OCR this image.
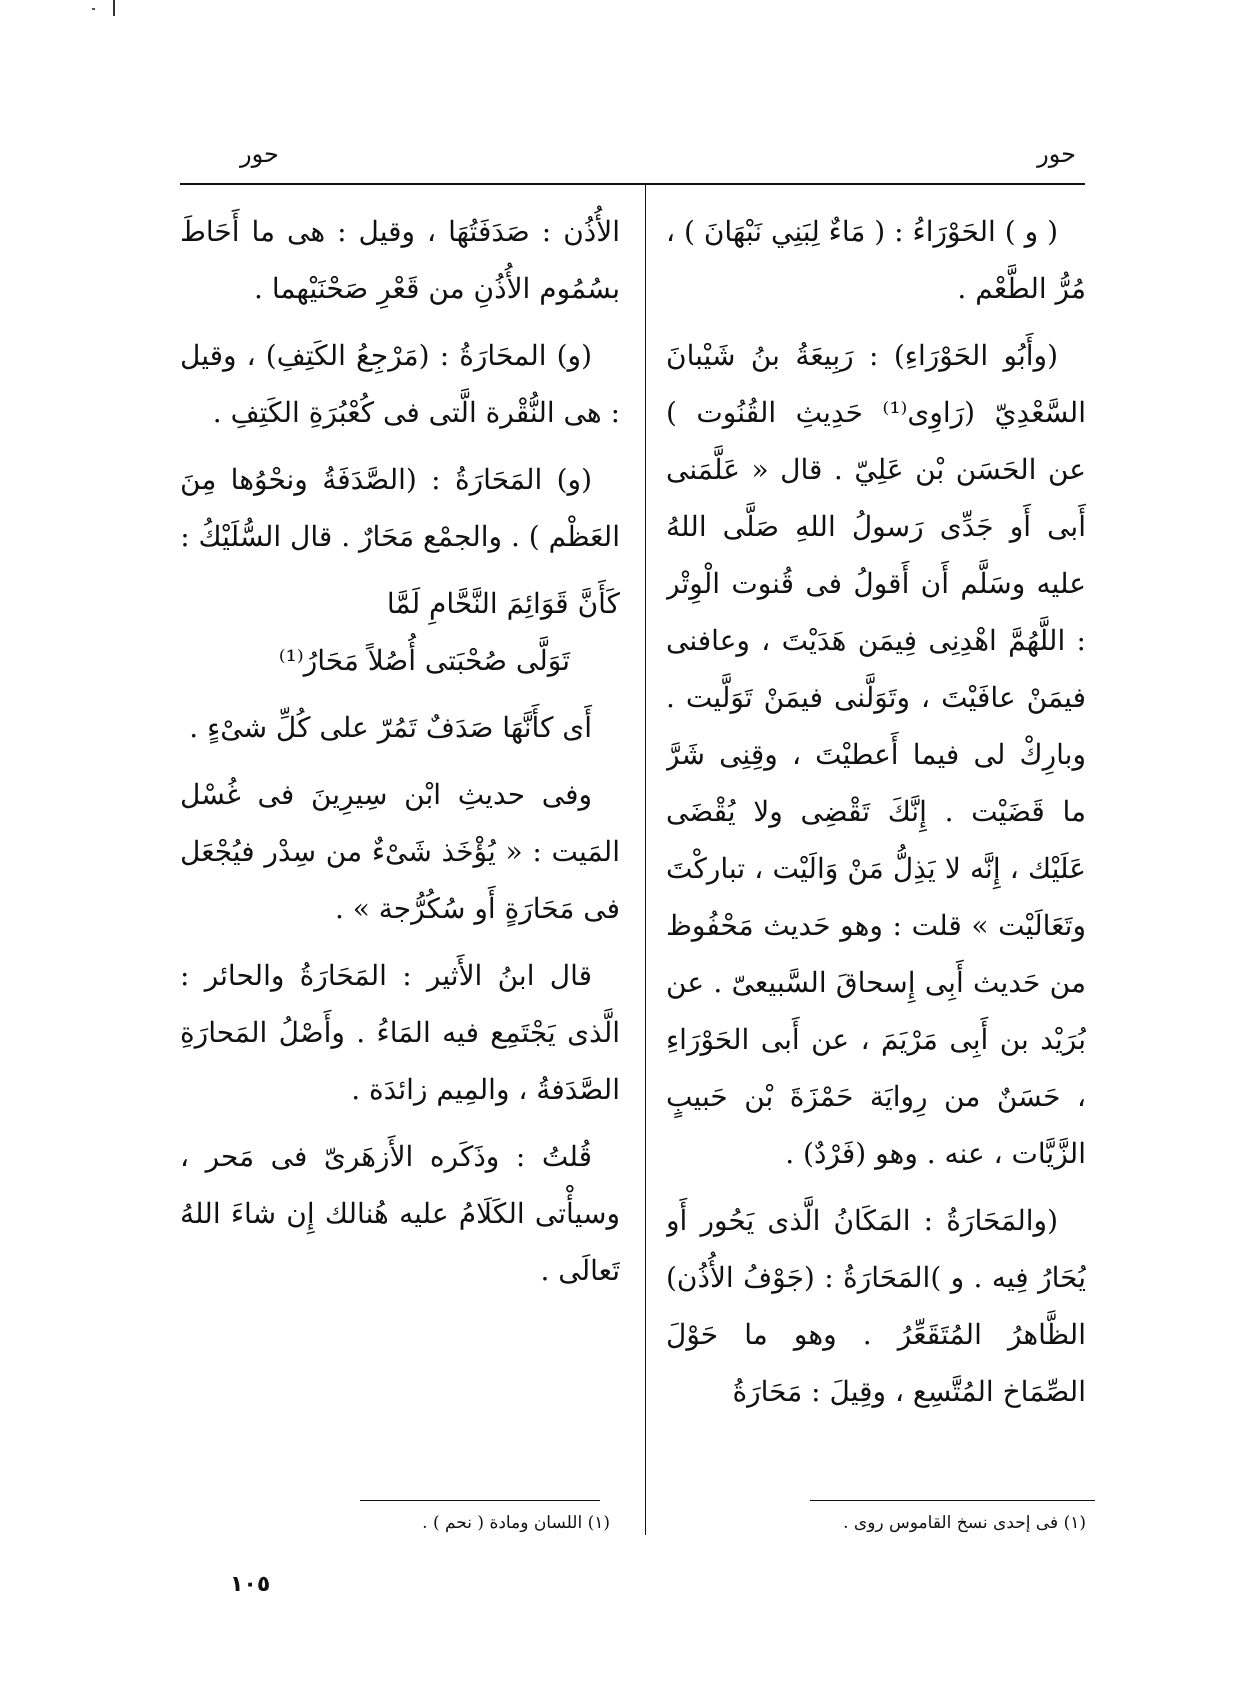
حور
حور

( و ) الحَوْرَاءُ : ( مَاءٌ لِبَنِي نَبْهَانَ ) ، مُرُّ الطَّعْم .

(وأَبُو الحَوْرَاءِ) : رَبِيعَةُ بنُ شَيْبانَ السَّعْدِيّ (رَاوِى⁽¹⁾ حَدِيثِ القُنُوت ) عن الحَسَن بْن عَلِيّ . قال « عَلَّمَنى أَبى أَو جَدِّى رَسولُ اللهِ صَلَّى اللهُ عليه وسَلَّم أَن أَقولُ فى قُنوت الْوِتْر : اللَّهُمَّ اهْدِنِى فِيمَن هَدَيْتَ ، وعافنى فيمَنْ عافَيْتَ ، وتَوَلَّنى فيمَنْ تَوَلَّيت . وبارِكْ لى فيما أَعطيْتَ ، وقِنِى شَرَّ ما قَضَيْت . إِنَّكَ تَقْضِى ولا يُقْضَى عَلَيْك ، إِنَّه لا يَذِلُّ مَنْ وَالَيْت ، تباركْتَ وتَعَالَيْت » قلت : وهو حَديث مَحْفُوظ من حَديث أَبِى إِسحاقَ السَّبيعىّ . عن بُرَيْد بن أَبِى مَرْيَمَ ، عن أَبى الحَوْرَاءِ ، حَسَنٌ من رِوايَة حَمْزَةَ بْن حَبيبٍ الزَّيَّات ، عنه . وهو (فَرْدٌ) .

(والمَحَارَةُ : المَكَانُ الَّذى يَحُور أَو يُحَارُ فِيه . و )المَحَارَةُ : (جَوْفُ الأُذُن) الظَّاهرُ المُتَقَعِّرُ . وهو ما حَوْلَ الصِّمَاخ المُتَّسِع ، وقِيلَ : مَحَارَةُ

الأُذُن : صَدَفَتُهَا ، وقيل : هى ما أَحَاطَ بسُمُوم الأُذُنِ من قَعْرِ صَحْنَيْهما .

(و) المحَارَةُ : (مَرْجِعُ الكَتِفِ) ، وقيل : هى النُّقْرة الَّتى فى كُعْبُرَةِ الكَتِفِ .

(و) المَحَارَةُ : (الصَّدَفَةُ ونحْوُها مِنَ العَظْم ) . والجمْع مَحَارٌ . قال السُّلَيْكُ :

كَأَنَّ قَوَائِمَ النَّحَّامِ لَمَّا
تَوَلَّى صُحْبَتى أُصُلاً مَحَارُ⁽¹⁾

أَى كأَنَّهَا صَدَفٌ تَمُرّ على كُلِّ شىْءٍ .

وفى حديثِ ابْن سِيرِينَ فى غُسْل المَيت : « يُؤْخَذ شَىْءٌ من سِدْر فيُجْعَل فى مَحَارَةٍ أَو سُكُرُّجة » .

قال ابنُ الأَثير : المَحَارَةُ والحائر : الَّذى يَجْتَمِع فيه المَاءُ . وأَصْلُ المَحارَةِ الصَّدَفةُ ، والمِيم زائدَة .

قُلتُ : وذَكَره الأَزهَرىّ فى مَحر ، وسيأْتى الكَلَامُ عليه هُنالك إِن شاءَ اللهُ تَعالَى .

(١) فى إحدى نسخ القاموس روى .
(١) اللسان ومادة ( نحم ) .
١٠٥
